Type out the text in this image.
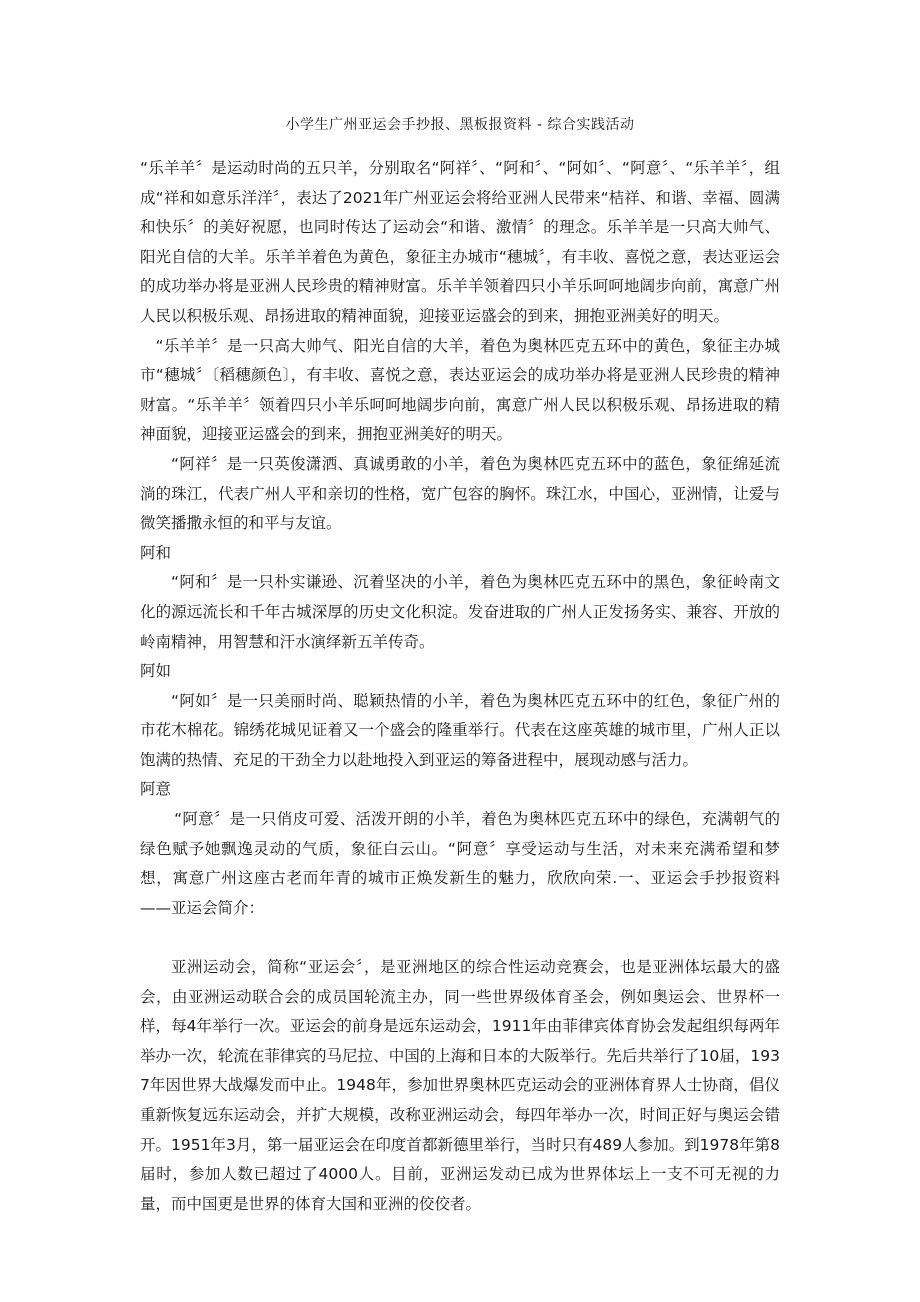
小学生广州亚运会手抄报、黑板报资料 - 综合实践活动

“乐羊羊〞是运动时尚的五只羊，分别取名“阿祥〞、“阿和〞、“阿如〞、“阿意〞、“乐羊羊〞，组成“祥和如意乐洋洋〞，表达了2021年广州亚运会将给亚洲人民带来“桔祥、和谐、幸福、圆满和快乐〞的美好祝愿，也同时传达了运动会“和谐、激情〞的理念。乐羊羊是一只高大帅气、阳光自信的大羊。乐羊羊着色为黄色，象征主办城市“穗城〞，有丰收、喜悦之意，表达亚运会的成功举办将是亚洲人民珍贵的精神财富。乐羊羊领着四只小羊乐呵呵地阔步向前，寓意广州人民以积极乐观、昂扬进取的精神面貌，迎接亚运盛会的到来，拥抱亚洲美好的明天。

“乐羊羊〞是一只高大帅气、阳光自信的大羊，着色为奥林匹克五环中的黄色，象征主办城市“穗城〞〔稻穗颜色〕，有丰收、喜悦之意，表达亚运会的成功举办将是亚洲人民珍贵的精神财富。“乐羊羊〞领着四只小羊乐呵呵地阔步向前，寓意广州人民以积极乐观、昂扬进取的精神面貌，迎接亚运盛会的到来，拥抱亚洲美好的明天。

“阿祥〞是一只英俊潇洒、真诚勇敢的小羊，着色为奥林匹克五环中的蓝色，象征绵延流淌的珠江，代表广州人平和亲切的性格，宽广包容的胸怀。珠江水，中国心，亚洲情，让爱与微笑播撒永恒的和平与友谊。

阿和

“阿和〞是一只朴实谦逊、沉着坚决的小羊，着色为奥林匹克五环中的黑色，象征岭南文化的源远流长和千年古城深厚的历史文化积淀。发奋进取的广州人正发扬务实、兼容、开放的岭南精神，用智慧和汗水演绎新五羊传奇。

阿如

“阿如〞是一只美丽时尚、聪颖热情的小羊，着色为奥林匹克五环中的红色，象征广州的市花木棉花。锦绣花城见证着又一个盛会的隆重举行。代表在这座英雄的城市里，广州人正以饱满的热情、充足的干劲全力以赴地投入到亚运的筹备进程中，展现动感与活力。

阿意

“阿意〞是一只俏皮可爱、活泼开朗的小羊，着色为奥林匹克五环中的绿色，充满朝气的绿色赋予她飘逸灵动的气质，象征白云山。“阿意〞享受运动与生活，对未来充满希望和梦想，寓意广州这座古老而年青的城市正焕发新生的魅力，欣欣向荣.一、亚运会手抄报资料——亚运会简介：

亚洲运动会，简称“亚运会〞，是亚洲地区的综合性运动竞赛会，也是亚洲体坛最大的盛会，由亚洲运动联合会的成员国轮流主办，同一些世界级体育圣会，例如奥运会、世界杯一样，每4年举行一次。亚运会的前身是远东运动会，1911年由菲律宾体育协会发起组织每两年举办一次，轮流在菲律宾的马尼拉、中国的上海和日本的大阪举行。先后共举行了10届，1937年因世界大战爆发而中止。1948年，参加世界奥林匹克运动会的亚洲体育界人士协商，倡仪重新恢复远东运动会，并扩大规模，改称亚洲运动会，每四年举办一次，时间正好与奥运会错开。1951年3月，第一届亚运会在印度首都新德里举行，当时只有489人参加。到1978年第8届时，参加人数已超过了4000人。目前，亚洲运发动已成为世界体坛上一支不可无视的力量，而中国更是世界的体育大国和亚洲的佼佼者。
